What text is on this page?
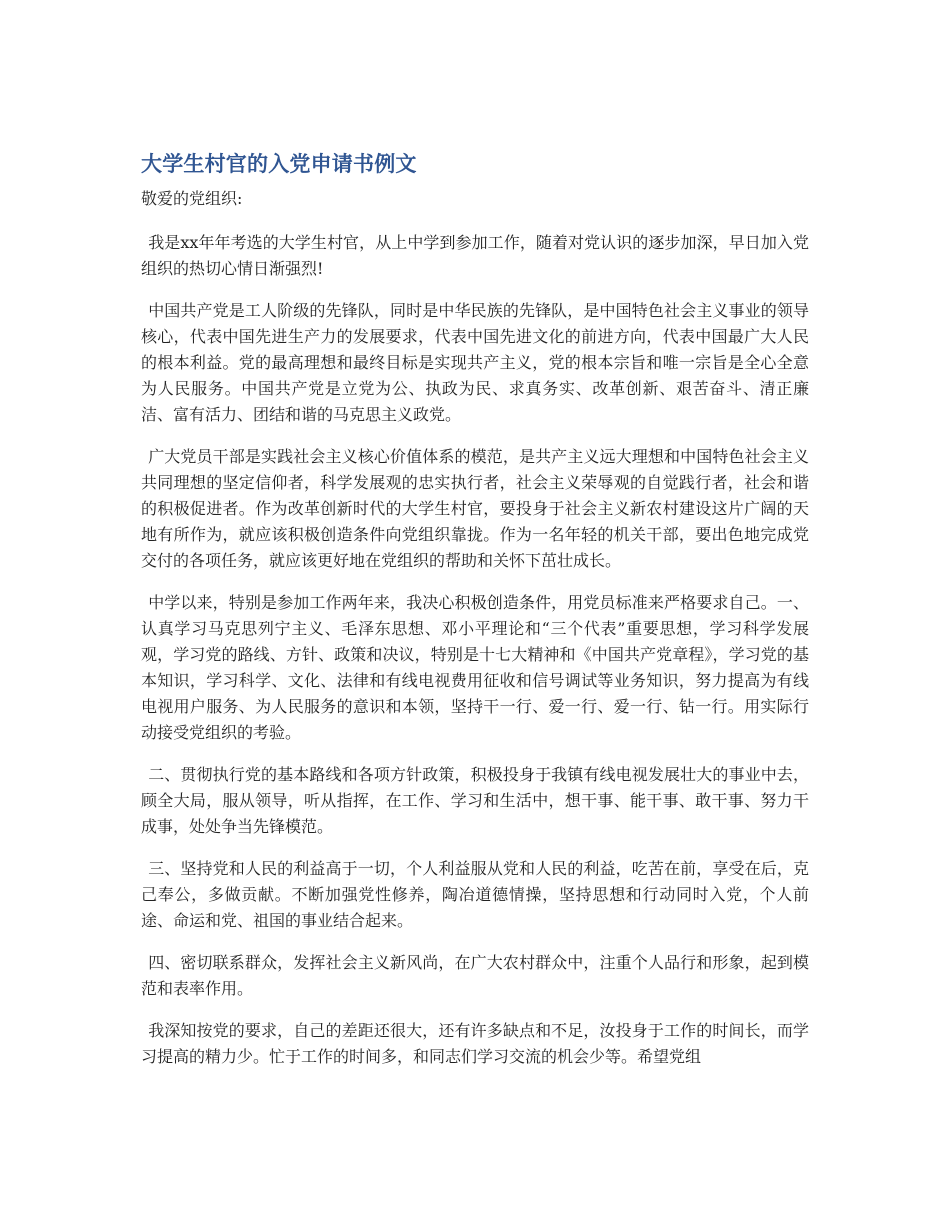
大学生村官的入党申请书例文

敬爱的党组织:

我是xx年年考选的大学生村官，从上中学到参加工作，随着对党认识的逐步加深，早日加入党组织的热切心情日渐强烈!

中国共产党是工人阶级的先锋队，同时是中华民族的先锋队，是中国特色社会主义事业的领导核心，代表中国先进生产力的发展要求，代表中国先进文化的前进方向，代表中国最广大人民的根本利益。党的最高理想和最终目标是实现共产主义，党的根本宗旨和唯一宗旨是全心全意为人民服务。中国共产党是立党为公、执政为民、求真务实、改革创新、艰苦奋斗、清正廉洁、富有活力、团结和谐的马克思主义政党。

广大党员干部是实践社会主义核心价值体系的模范，是共产主义远大理想和中国特色社会主义共同理想的坚定信仰者，科学发展观的忠实执行者，社会主义荣辱观的自觉践行者，社会和谐的积极促进者。作为改革创新时代的大学生村官，要投身于社会主义新农村建设这片广阔的天地有所作为，就应该积极创造条件向党组织靠拢。作为一名年轻的机关干部，要出色地完成党交付的各项任务，就应该更好地在党组织的帮助和关怀下茁壮成长。

中学以来，特别是参加工作两年来，我决心积极创造条件，用党员标准来严格要求自己。一、认真学习马克思列宁主义、毛泽东思想、邓小平理论和“三个代表”重要思想，学习科学发展观，学习党的路线、方针、政策和决议，特别是十七大精神和《中国共产党章程》，学习党的基本知识，学习科学、文化、法律和有线电视费用征收和信号调试等业务知识，努力提高为有线电视用户服务、为人民服务的意识和本领，坚持干一行、爱一行、爱一行、钻一行。用实际行动接受党组织的考验。

二、贯彻执行党的基本路线和各项方针政策，积极投身于我镇有线电视发展壮大的事业中去，顾全大局，服从领导，听从指挥，在工作、学习和生活中，想干事、能干事、敢干事、努力干成事，处处争当先锋模范。

三、坚持党和人民的利益高于一切，个人利益服从党和人民的利益，吃苦在前，享受在后，克己奉公，多做贡献。不断加强党性修养，陶冶道德情操，坚持思想和行动同时入党，个人前途、命运和党、祖国的事业结合起来。

四、密切联系群众，发挥社会主义新风尚，在广大农村群众中，注重个人品行和形象，起到模范和表率作用。

我深知按党的要求，自己的差距还很大，还有许多缺点和不足，汝投身于工作的时间长，而学习提高的精力少。忙于工作的时间多，和同志们学习交流的机会少等。希望党组
